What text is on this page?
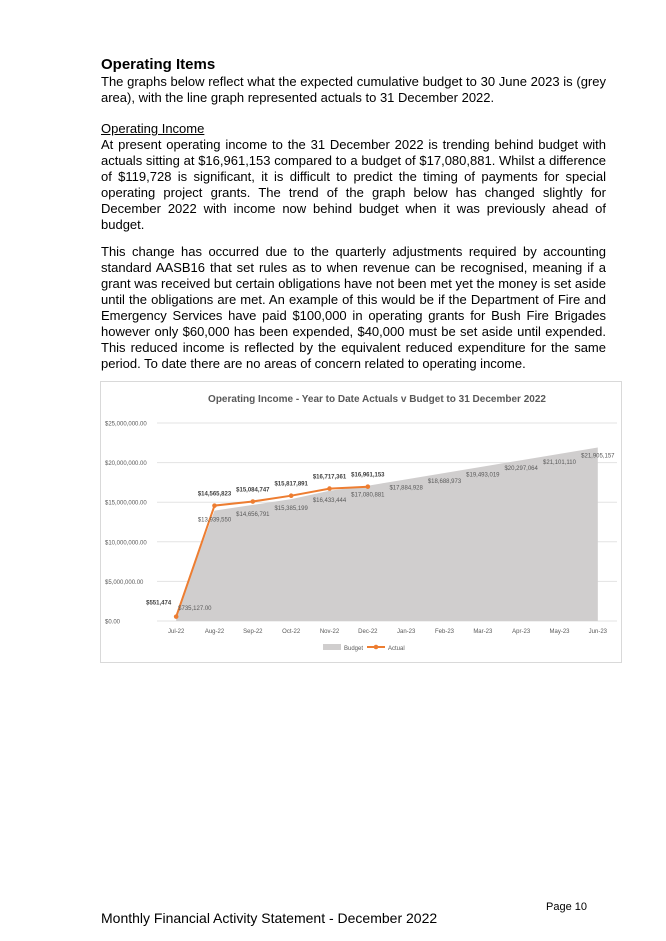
Operating Items

The graphs below reflect what the expected cumulative budget to 30 June 2023 is (grey area), with the line graph represented actuals to 31 December 2022.

Operating Income

At present operating income to the 31 December 2022 is trending behind budget with actuals sitting at $16,961,153 compared to a budget of $17,080,881. Whilst a difference of $119,728 is significant, it is difficult to predict the timing of payments for special operating project grants. The trend of the graph below has changed slightly for December 2022 with income now behind budget when it was previously ahead of budget.

This change has occurred due to the quarterly adjustments required by accounting standard AASB16 that set rules as to when revenue can be recognised, meaning if a grant was received but certain obligations have not been met yet the money is set aside until the obligations are met. An example of this would be if the Department of Fire and Emergency Services have paid $100,000 in operating grants for Bush Fire Brigades however only $60,000 has been expended, $40,000 must be set aside until expended. This reduced income is reflected by the equivalent reduced expenditure for the same period. To date there are no areas of concern related to operating income.

Operating Income - Year to Date Actuals v Budget to 31 December 2022
$735,127.00
$13,939,550
$14,656,791
$15,385,199
$16,433,444
$17,080,881
$17,884,928
$18,688,973
$19,493,019
$20,297,064
$21,101,110
$21,905,157
$551,474
$14,565,823
$15,084,747
$15,817,891
$16,717,361 $16,961,153
$0.00
$5,000,000.00
$10,000,000.00
$15,000,000.00
$20,000,000.00
$25,000,000.00
Jul-22	Aug-22	Sep-22	Oct-22	Nov-22	Dec-22	Jan-23	Feb-23	Mar-23	Apr-23	May-23	Jun-23
Budget	Actual
Page 10
Monthly Financial Activity Statement - December 2022
